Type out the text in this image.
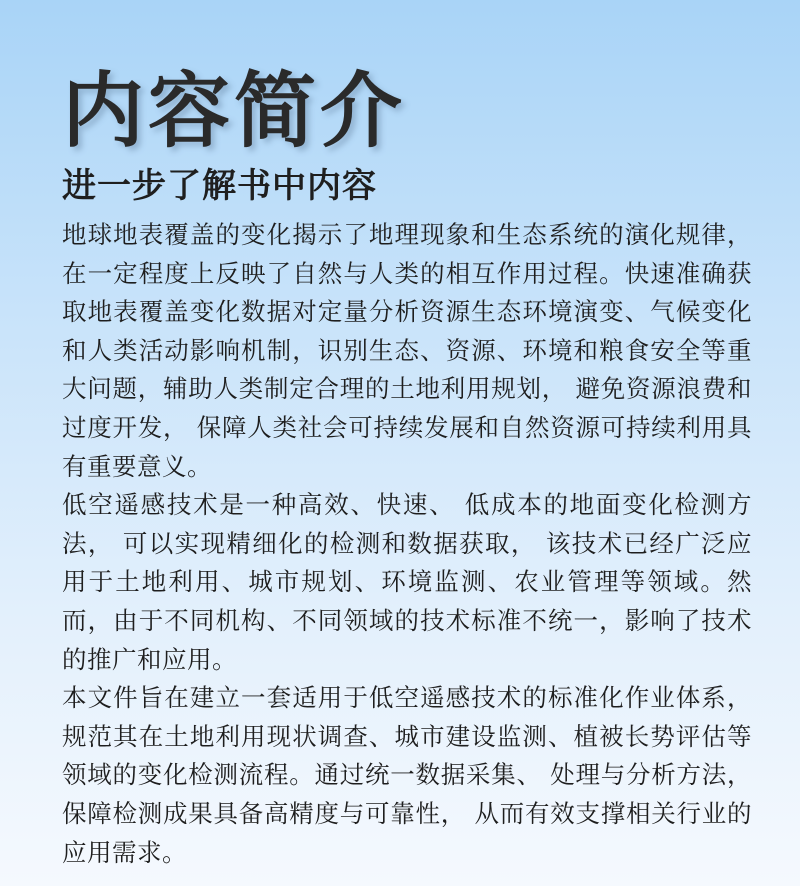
内容简介
进一步了解书中内容

地球地表覆盖的变化揭示了地理现象和生态系统的演化规律， 在一定程度上反映了自然与人类的相互作用过程。快速准确获取地表覆盖变化数据对定量分析资源生态环境演变、气候变化和人类活动影响机制，识别生态、资源、环境和粮食安全等重大问题，辅助人类制定合理的土地利用规划， 避免资源浪费和过度开发， 保障人类社会可持续发展和自然资源可持续利用具有重要意义。

低空遥感技术是一种高效、快速、 低成本的地面变化检测方法， 可以实现精细化的检测和数据获取， 该技术已经广泛应用于土地利用、城市规划、环境监测、农业管理等领域。然而，由于不同机构、不同领域的技术标准不统一，影响了技术的推广和应用。

本文件旨在建立一套适用于低空遥感技术的标准化作业体系，规范其在土地利用现状调查、城市建设监测、植被长势评估等领域的变化检测流程。通过统一数据采集、 处理与分析方法，保障检测成果具备高精度与可靠性， 从而有效支撑相关行业的应用需求。
